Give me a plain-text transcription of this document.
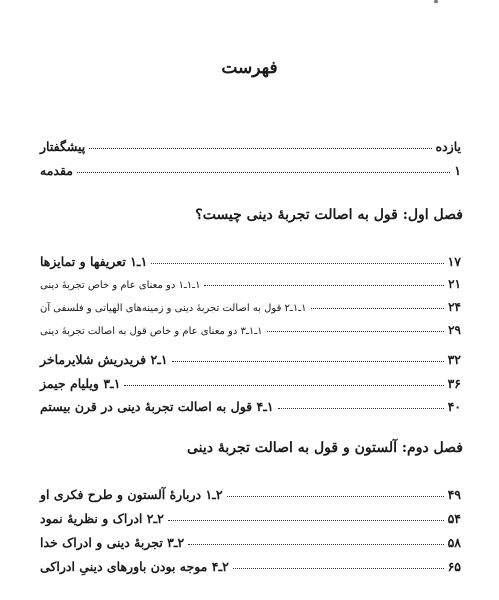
فهرست
پیشگفتار	یازده
مقدمه	۱
فصل اول: قول به اصالت تجربهٔ دینی چیست؟
۱ـ۱ تعریفها و تمایزها	۱۷
۱ـ۱ـ۱ دو معنای عام و خاص تجربهٔ دینی	۲۱
۱ـ۱ـ۲ قول به اصالت تجربهٔ دینی و زمینه‌های الهیاتی و فلسفی آن	۲۴
۱ـ۱ـ۳ دو معنای عام و خاص قول به اصالت تجربهٔ دینی	۲۹
۱ـ۲ فریدریش شلایرماخر	۳۲
۱ـ۳ ویلیام جیمز	۳۶
۱ـ۴ قول به اصالت تجربهٔ دینی در قرن بیستم	۴۰
فصل دوم: آلستون و قول به اصالت تجربهٔ دینی
۲ـ۱ دربارهٔ آلستون و طرح فکری او	۴۹
۲ـ۲ ادراک و نظریهٔ نمود	۵۴
۲ـ۳ تجربهٔ دینی و ادراک خدا	۵۸
۲ـ۴ موجه بودن باورهای دینیِ ادراکی	۶۵
